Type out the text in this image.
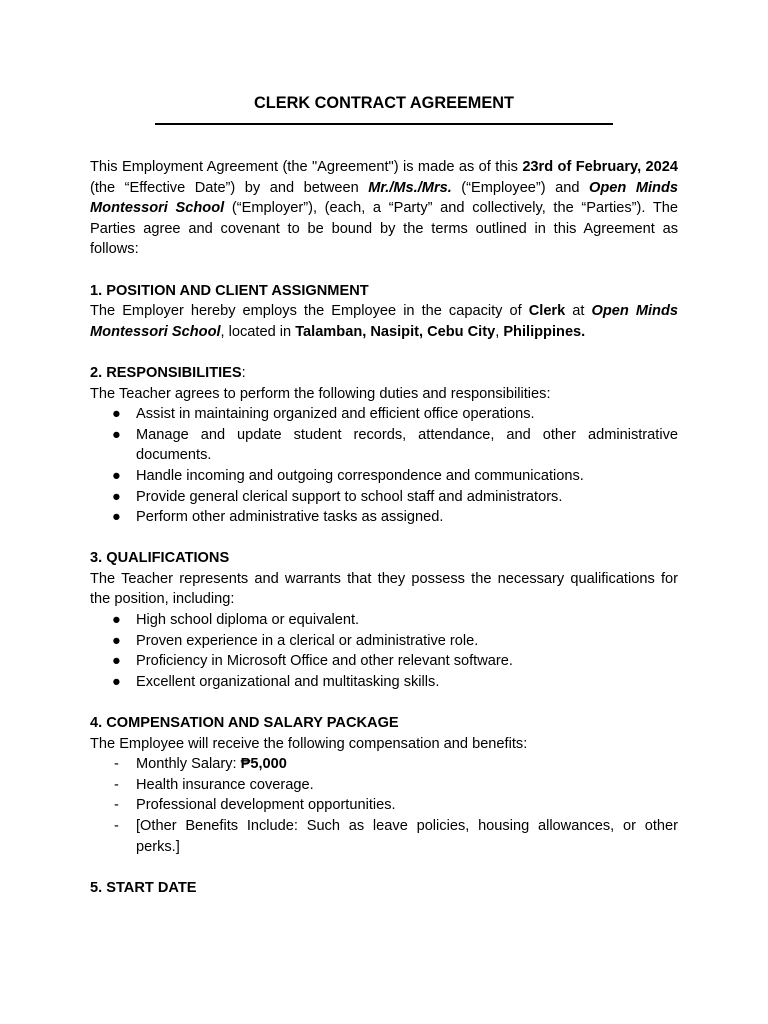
CLERK CONTRACT AGREEMENT

This Employment Agreement (the "Agreement") is made as of this 23rd of February, 2024 (the “Effective Date”) by and between Mr./Ms./Mrs. (“Employee”) and Open Minds Montessori School (“Employer”), (each, a “Party” and collectively, the “Parties”). The Parties agree and covenant to be bound by the terms outlined in this Agreement as follows:

1. POSITION AND CLIENT ASSIGNMENT

The Employer hereby employs the Employee in the capacity of Clerk at Open Minds Montessori School, located in Talamban, Nasipit, Cebu City, Philippines.

2. RESPONSIBILITIES:

The Teacher agrees to perform the following duties and responsibilities:

● Assist in maintaining organized and efficient office operations.
● Manage and update student records, attendance, and other administrative documents.
● Handle incoming and outgoing correspondence and communications.
● Provide general clerical support to school staff and administrators.
● Perform other administrative tasks as assigned.
3. QUALIFICATIONS

The Teacher represents and warrants that they possess the necessary qualifications for the position, including:

● High school diploma or equivalent.
● Proven experience in a clerical or administrative role.
● Proficiency in Microsoft Office and other relevant software.
● Excellent organizational and multitasking skills.
4. COMPENSATION AND SALARY PACKAGE

The Employee will receive the following compensation and benefits:

- Monthly Salary: ₱5,000
- Health insurance coverage.
- Professional development opportunities.
- [Other Benefits Include: Such as leave policies, housing allowances, or other perks.]
5. START DATE
